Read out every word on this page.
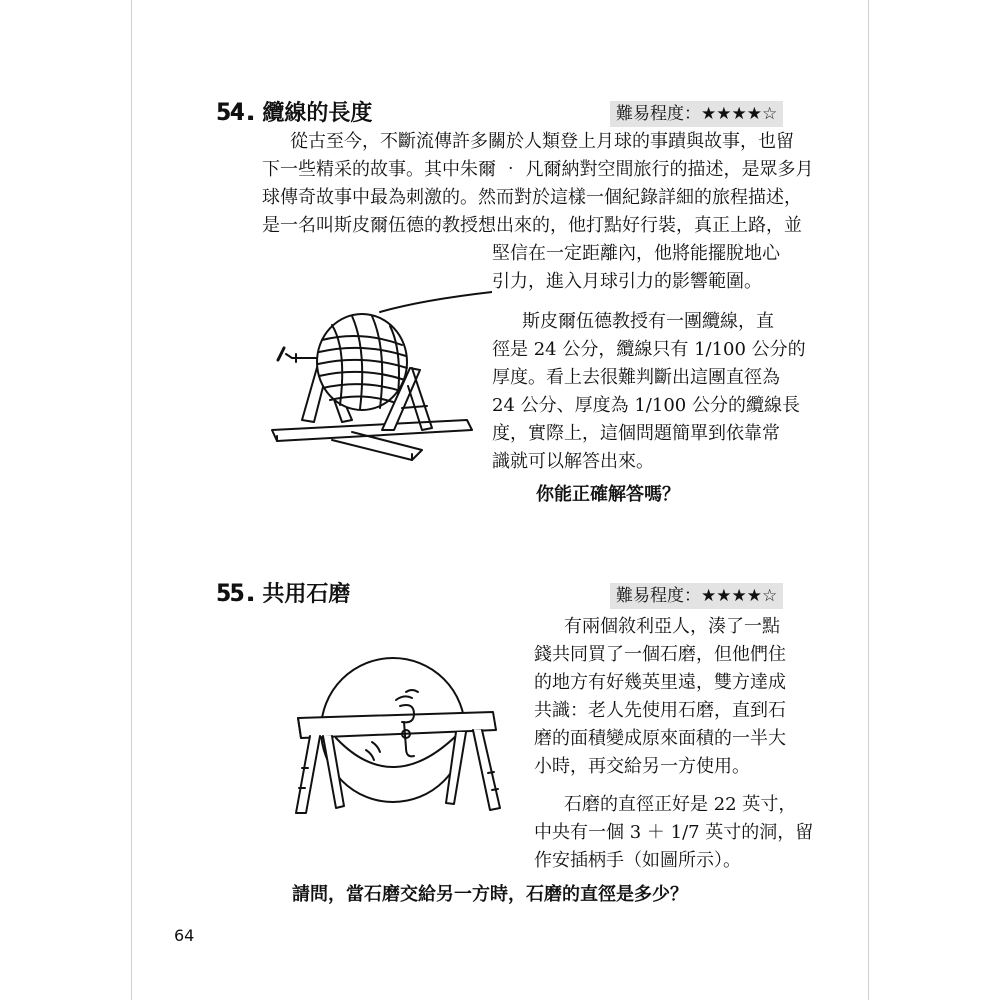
54. 纜線的長度	難易程度：★★★★☆
從古至今，不斷流傳許多關於人類登上月球的事蹟與故事，也留
下一些精采的故事。其中朱爾 ‧ 凡爾納對空間旅行的描述，是眾多月
球傳奇故事中最為刺激的。然而對於這樣一個紀錄詳細的旅程描述，
是一名叫斯皮爾伍德的教授想出來的，他打點好行裝，真正上路，並
堅信在一定距離內，他將能擺脫地心
引力，進入月球引力的影響範圍。
斯皮爾伍德教授有一團纜線，直
徑是 24 公分，纜線只有 1/100 公分的
厚度。看上去很難判斷出這團直徑為
24 公分、厚度為 1/100 公分的纜線長
度，實際上，這個問題簡單到依靠常
識就可以解答出來。
你能正確解答嗎？
55. 共用石磨	難易程度：★★★★☆
有兩個敘利亞人，湊了一點
錢共同買了一個石磨，但他們住
的地方有好幾英里遠，雙方達成
共識：老人先使用石磨，直到石
磨的面積變成原來面積的一半大
小時，再交給另一方使用。
石磨的直徑正好是 22 英寸，
中央有一個 3 ＋ 1/7 英寸的洞，留
作安插柄手（如圖所示）。
請問，當石磨交給另一方時，石磨的直徑是多少？
64
